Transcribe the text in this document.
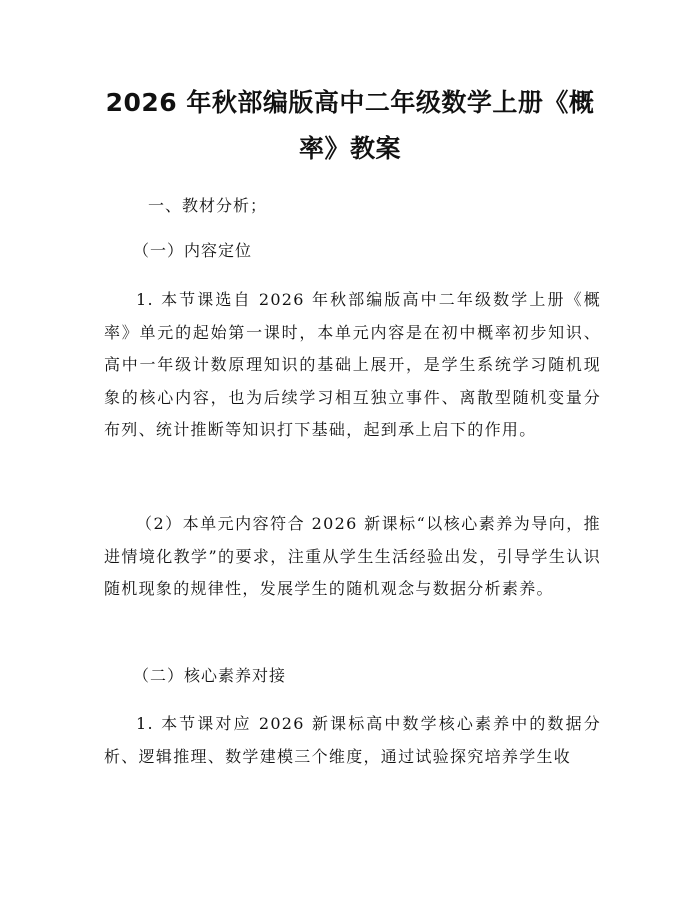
2026 年秋部编版高中二年级数学上册《概
率》教案

一、教材分析；

（一）内容定位

1. 本节课选自 2026 年秋部编版高中二年级数学上册《概率》单元的起始第一课时，本单元内容是在初中概率初步知识、高中一年级计数原理知识的基础上展开，是学生系统学习随机现象的核心内容，也为后续学习相互独立事件、离散型随机变量分布列、统计推断等知识打下基础，起到承上启下的作用。

（2）本单元内容符合 2026 新课标“以核心素养为导向，推进情境化教学”的要求，注重从学生生活经验出发，引导学生认识随机现象的规律性，发展学生的随机观念与数据分析素养。

（二）核心素养对接

1. 本节课对应 2026 新课标高中数学核心素养中的数据分析、逻辑推理、数学建模三个维度，通过试验探究培养学生收
